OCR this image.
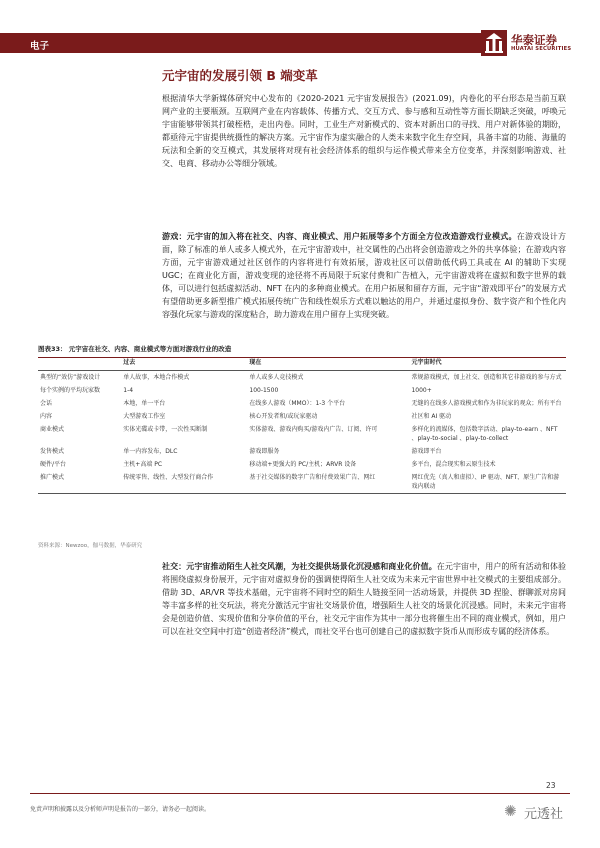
电子	华泰证券
HUATAI SECURITIES
元宇宙的发展引领 B 端变革
根据清华大学新媒体研究中心发布的《2020-2021 元宇宙发展报告》(2021.09)，内卷化的平台形态是当前互联网产业的主要瓶颈。互联网产业在内容载体、传播方式、交互方式、参与感和互动性等方面长期缺乏突破，呼唤元宇宙能够带领其打破桎梏，走出内卷。同时，工业生产对新模式的、资本对新出口的寻找、用户对新体验的期盼，都亟待元宇宙提供统摄性的解决方案。元宇宙作为虚实融合的人类未来数字化生存空间，具备丰富的功能、海量的玩法和全新的交互模式，其发展将对现有社会经济体系的组织与运作模式带来全方位变革，并深刻影响游戏、社交、电商、移动办公等细分领域。
游戏：元宇宙的加入将在社交、内容、商业模式、用户拓展等多个方面全方位改造游戏行业模式。在游戏设计方面，除了标准的单人或多人模式外，在元宇宙游戏中，社交属性的凸出将会创造游戏之外的共享体验；在游戏内容方面，元宇宙游戏通过社区创作的内容将进行有效拓展，游戏社区可以借助低代码工具或在 AI 的辅助下实现 UGC；在商业化方面，游戏变现的途径将不再局限于玩家付费和广告植入，元宇宙游戏将在虚拟和数字世界的载体，可以进行包括虚拟活动、NFT 在内的多种商业模式。在用户拓展和留存方面，元宇宙“游戏即平台”的发展方式有望借助更多新型推广模式拓展传统广告和线性娱乐方式难以触达的用户，并通过虚拟身份、数字资产和个性化内容强化玩家与游戏的深度粘合，助力游戏在用户留存上实现突破。
图表33： 元宇宙在社交、内容、商业模式等方面对游戏行业的改造
	过去	现在	元宇宙时代
典型的“效仿”游戏设计	单人故事，本地合作模式	单人或多人竞技模式	常规游戏模式，加上社交、创造和其它非游戏的参与方式
每个实例的平均玩家数	1-4	100-1500	1000+
会话	本地，单一平台	在线多人游戏（MMO）：1-3 个平台	无缝的在线多人游戏模式和作为非玩家的观众；所有平台
内容	大型游戏工作室	核心开发者和/或玩家驱动	社区和 AI 驱动
商业模式	实体光碟或卡带，一次性买断制	实体游戏、游戏内购买/游戏内广告、订阅、许可	多样化的流媒体，包括数字活动、play-to-earn 、NFT 、play-to-social 、play-to-collect
发售模式	单一内容发布，DLC	游戏即服务	游戏即平台
硬件/平台	主机+高端 PC	移动端+更强大的 PC/主机；ARVR 设备	多平台，混合现实和云原生技术
推广模式	传统零售、线性、大型发行商合作	基于社交媒体的数字广告和付费效果广告、网红	网红优先（真人和虚拟）、IP 驱动、NFT、原生广告和游戏内联动
资料来源：Newzoo，伽马数据，华泰研究
社交：元宇宙推动陌生人社交风潮，为社交提供场景化沉浸感和商业化价值。在元宇宙中，用户的所有活动和体验将围绕虚拟身份展开，元宇宙对虚拟身份的强调使得陌生人社交成为未来元宇宙世界中社交模式的主要组成部分。借助 3D、AR/VR 等技术基础，元宇宙将不同时空的陌生人链接至同一活动场景，并提供 3D 捏脸、群聊派对房间等丰富多样的社交玩法，将充分激活元宇宙社交场景价值，增强陌生人社交的场景化沉浸感。同时，未来元宇宙将会是创造价值、实现价值和分享价值的平台，社交元宇宙作为其中一部分也将催生出不同的商业模式，例如，用户可以在社交空间中打造“创造者经济”模式，而社交平台也可创建自己的虚拟数字货币从而形成专属的经济体系。
23
免责声明和披露以及分析师声明是报告的一部分，请务必一起阅读。	✺ 元透社
